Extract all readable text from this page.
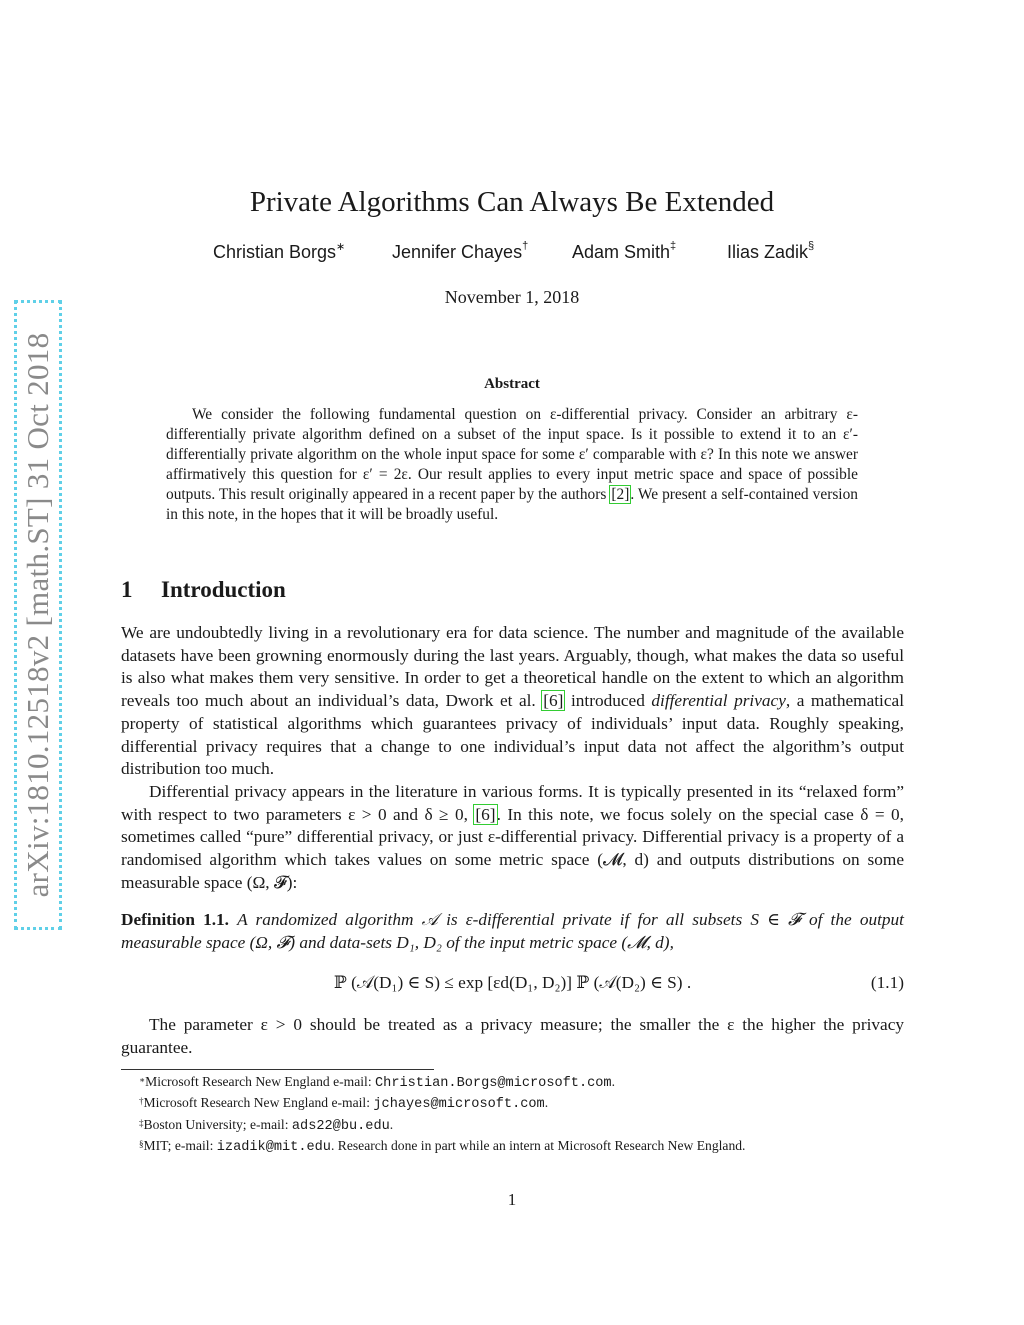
arXiv:1810.12518v2 [math.ST] 31 Oct 2018
Private Algorithms Can Always Be Extended
Christian Borgs∗	Jennifer Chayes† Adam Smith‡	Ilias Zadik§
November 1, 2018
Abstract

We consider the following fundamental question on ε-differential privacy. Consider an arbitrary ε-differentially private algorithm defined on a subset of the input space. Is it possible to extend it to an ε′-differentially private algorithm on the whole input space for some ε′ comparable with ε? In this note we answer affirmatively this question for ε′ = 2ε. Our result applies to every input metric space and space of possible outputs. This result originally appeared in a recent paper by the authors [2]. We present a self-contained version in this note, in the hopes that it will be broadly useful.

1 Introduction

We are undoubtedly living in a revolutionary era for data science. The number and magnitude of the available datasets have been growning enormously during the last years. Arguably, though, what makes the data so useful is also what makes them very sensitive. In order to get a theoretical handle on the extent to which an algorithm reveals too much about an individual’s data, Dwork et al. [6] introduced differential privacy, a mathematical property of statistical algorithms which guarantees privacy of individuals’ input data. Roughly speaking, differential privacy requires that a change to one individual’s input data not affect the algorithm’s output distribution too much.

Differential privacy appears in the literature in various forms. It is typically presented in its “relaxed form” with respect to two parameters ε > 0 and δ ≥ 0, [6]. In this note, we focus solely on the special case δ = 0, sometimes called “pure” differential privacy, or just ε-differential privacy. Differential privacy is a property of a randomised algorithm which takes values on some metric space (𝓜, d) and outputs distributions on some measurable space (Ω, 𝓕):

Definition 1.1. A randomized algorithm 𝒜 is ε-differential private if for all subsets S ∈ 𝓕 of the output measurable space (Ω, 𝓕) and data-sets D₁, D₂ of the input metric space (𝓜, d),

ℙ (𝒜(D₁) ∈ S) ≤ exp [εd(D₁, D₂)] ℙ (𝒜(D₂) ∈ S) .	(1.1)

The parameter ε > 0 should be treated as a privacy measure; the smaller the ε the higher the privacy guarantee.

∗Microsoft Research New England e-mail: Christian.Borgs@microsoft.com.
†Microsoft Research New England e-mail: jchayes@microsoft.com.
‡Boston University; e-mail: ads22@bu.edu.
§MIT; e-mail: izadik@mit.edu. Research done in part while an intern at Microsoft Research New England.
1
